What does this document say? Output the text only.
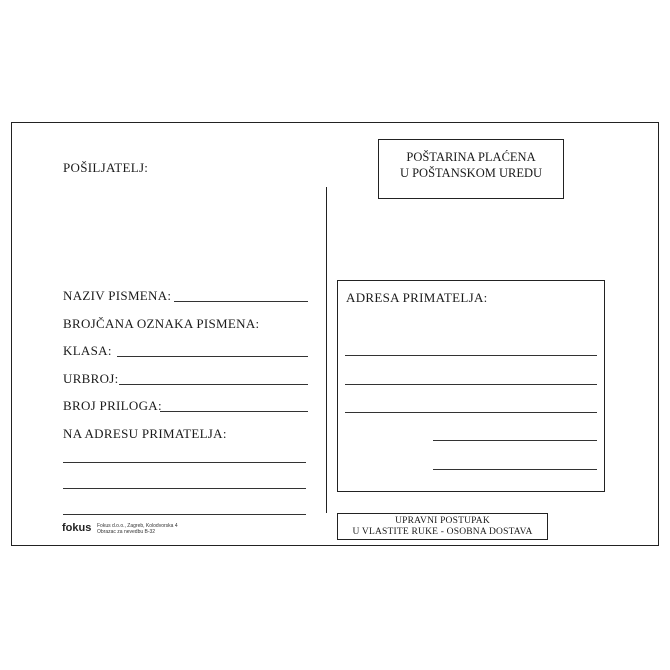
POŠILJATELJ:
NAZIV PISMENA:
BROJČANA OZNAKA PISMENA:
KLASA:
URBROJ:
BROJ PRILOGA:
NA ADRESU PRIMATELJA:
fokus Fokus d.o.o., Zagreb, Kolodvorska 4
Obrazac za nevedbu B-32
POŠTARINA PLAĆENA
U POŠTANSKOM UREDU
ADRESA PRIMATELJA:
UPRAVNI POSTUPAK
U VLASTITE RUKE - OSOBNA DOSTAVA
